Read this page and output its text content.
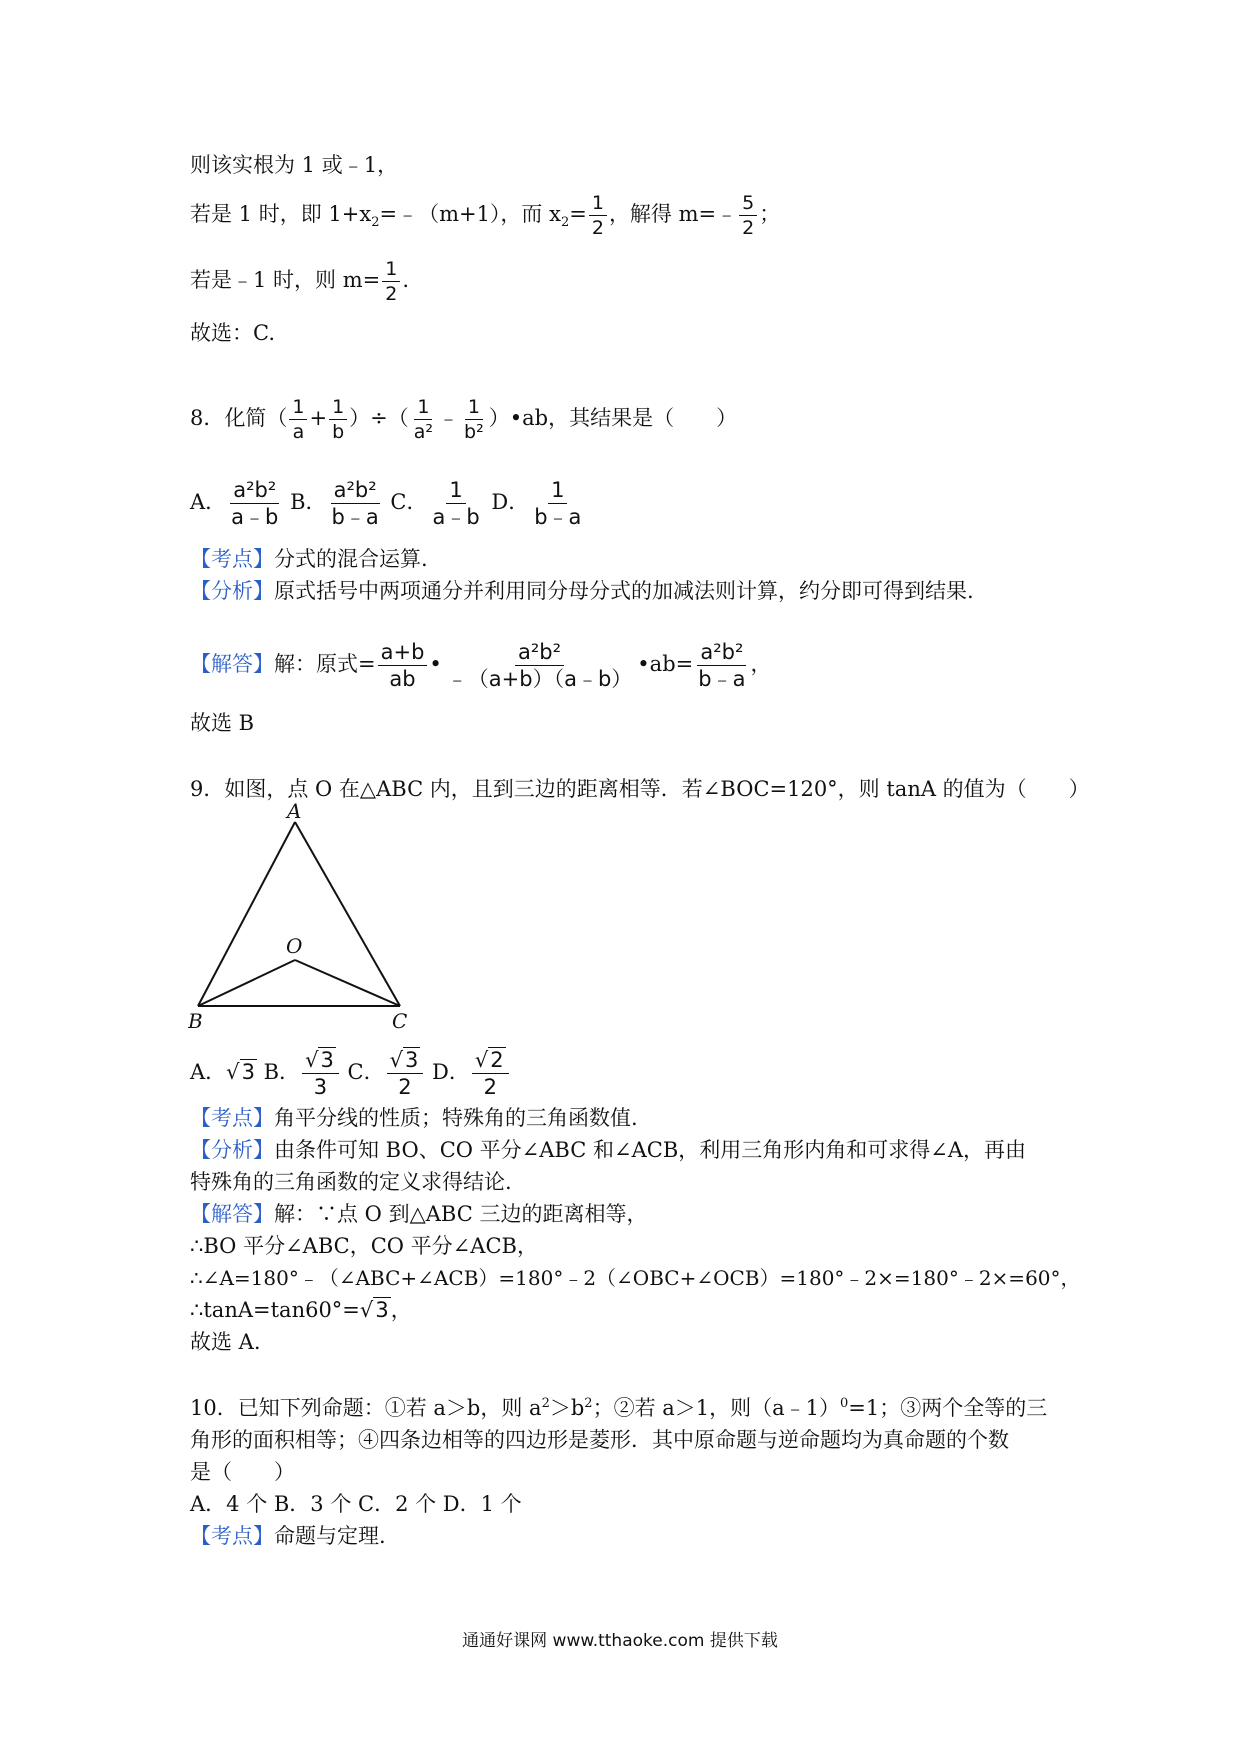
则该实根为 1 或﹣1，
若是 1 时，即 $1+x_2=﹣(m+1)$，而 $x_2= \frac{1}{2}$ ，解得 m=﹣ $\frac{5}{2}$ ；
若是﹣1 时，则 $m= \frac{1}{2}$ .
故选：C.
8．化简（ $\frac{1}{a} + \frac{1}{b}$ ）÷（ $\frac{1}{\text{a²}}$ ﹣ $\frac{1}{\text{b²}}$ ）•ab，其结果是（　　）
A． $\frac{\text{a²b²}}{a﹣b}$ B． $\frac{\text{a²b²}}{b﹣a}$ C． $\frac{1}{a﹣b}$ D． $\frac{1}{b﹣a}$
【考点】分式的混合运算.
【分析】原式括号中两项通分并利用同分母分式的加减法则计算，约分即可得到结果.
【解答】解：原式= $\frac{a+b}{ab}$ • $\frac{\text{a²b²}}{﹣(a+b)(a﹣b)}$ •ab= $\frac{\text{a²b²}}{b﹣a}$ ，
故选 B
9．如图，点 O 在△ABC 内，且到三边的距离相等．若∠BOC=120°，则 tanA 的值为（　　）
A
O
B	C
A．√3 B． $\frac{√3}{3}$ C． $\frac{√3}{2}$ D． $\frac{√2}{2}$
【考点】角平分线的性质；特殊角的三角函数值.
【分析】由条件可知 BO、CO 平分∠ABC 和∠ACB，利用三角形内角和可求得∠A，再由
特殊角的三角函数的定义求得结论.
【解答】解：∵点 O 到△ABC 三边的距离相等，
∴BO 平分∠ABC，CO 平分∠ACB，
∴∠A=180°﹣（∠ABC+∠ACB）=180°﹣2（∠OBC+∠OCB）=180°﹣2×=180°﹣2×=60°，
∴tanA=tan60°=√3，
故选 A.
10．已知下列命题：①若 a＞b，则 $a^2>b^2$；②若 a＞1，则（a﹣1）$^0$=1；③两个全等的三
角形的面积相等；④四条边相等的四边形是菱形．其中原命题与逆命题均为真命题的个数
是（　　）
A．4 个 B．3 个 C．2 个 D．1 个
【考点】命题与定理.
通通好课网 www.tthaoke.com 提供下载
